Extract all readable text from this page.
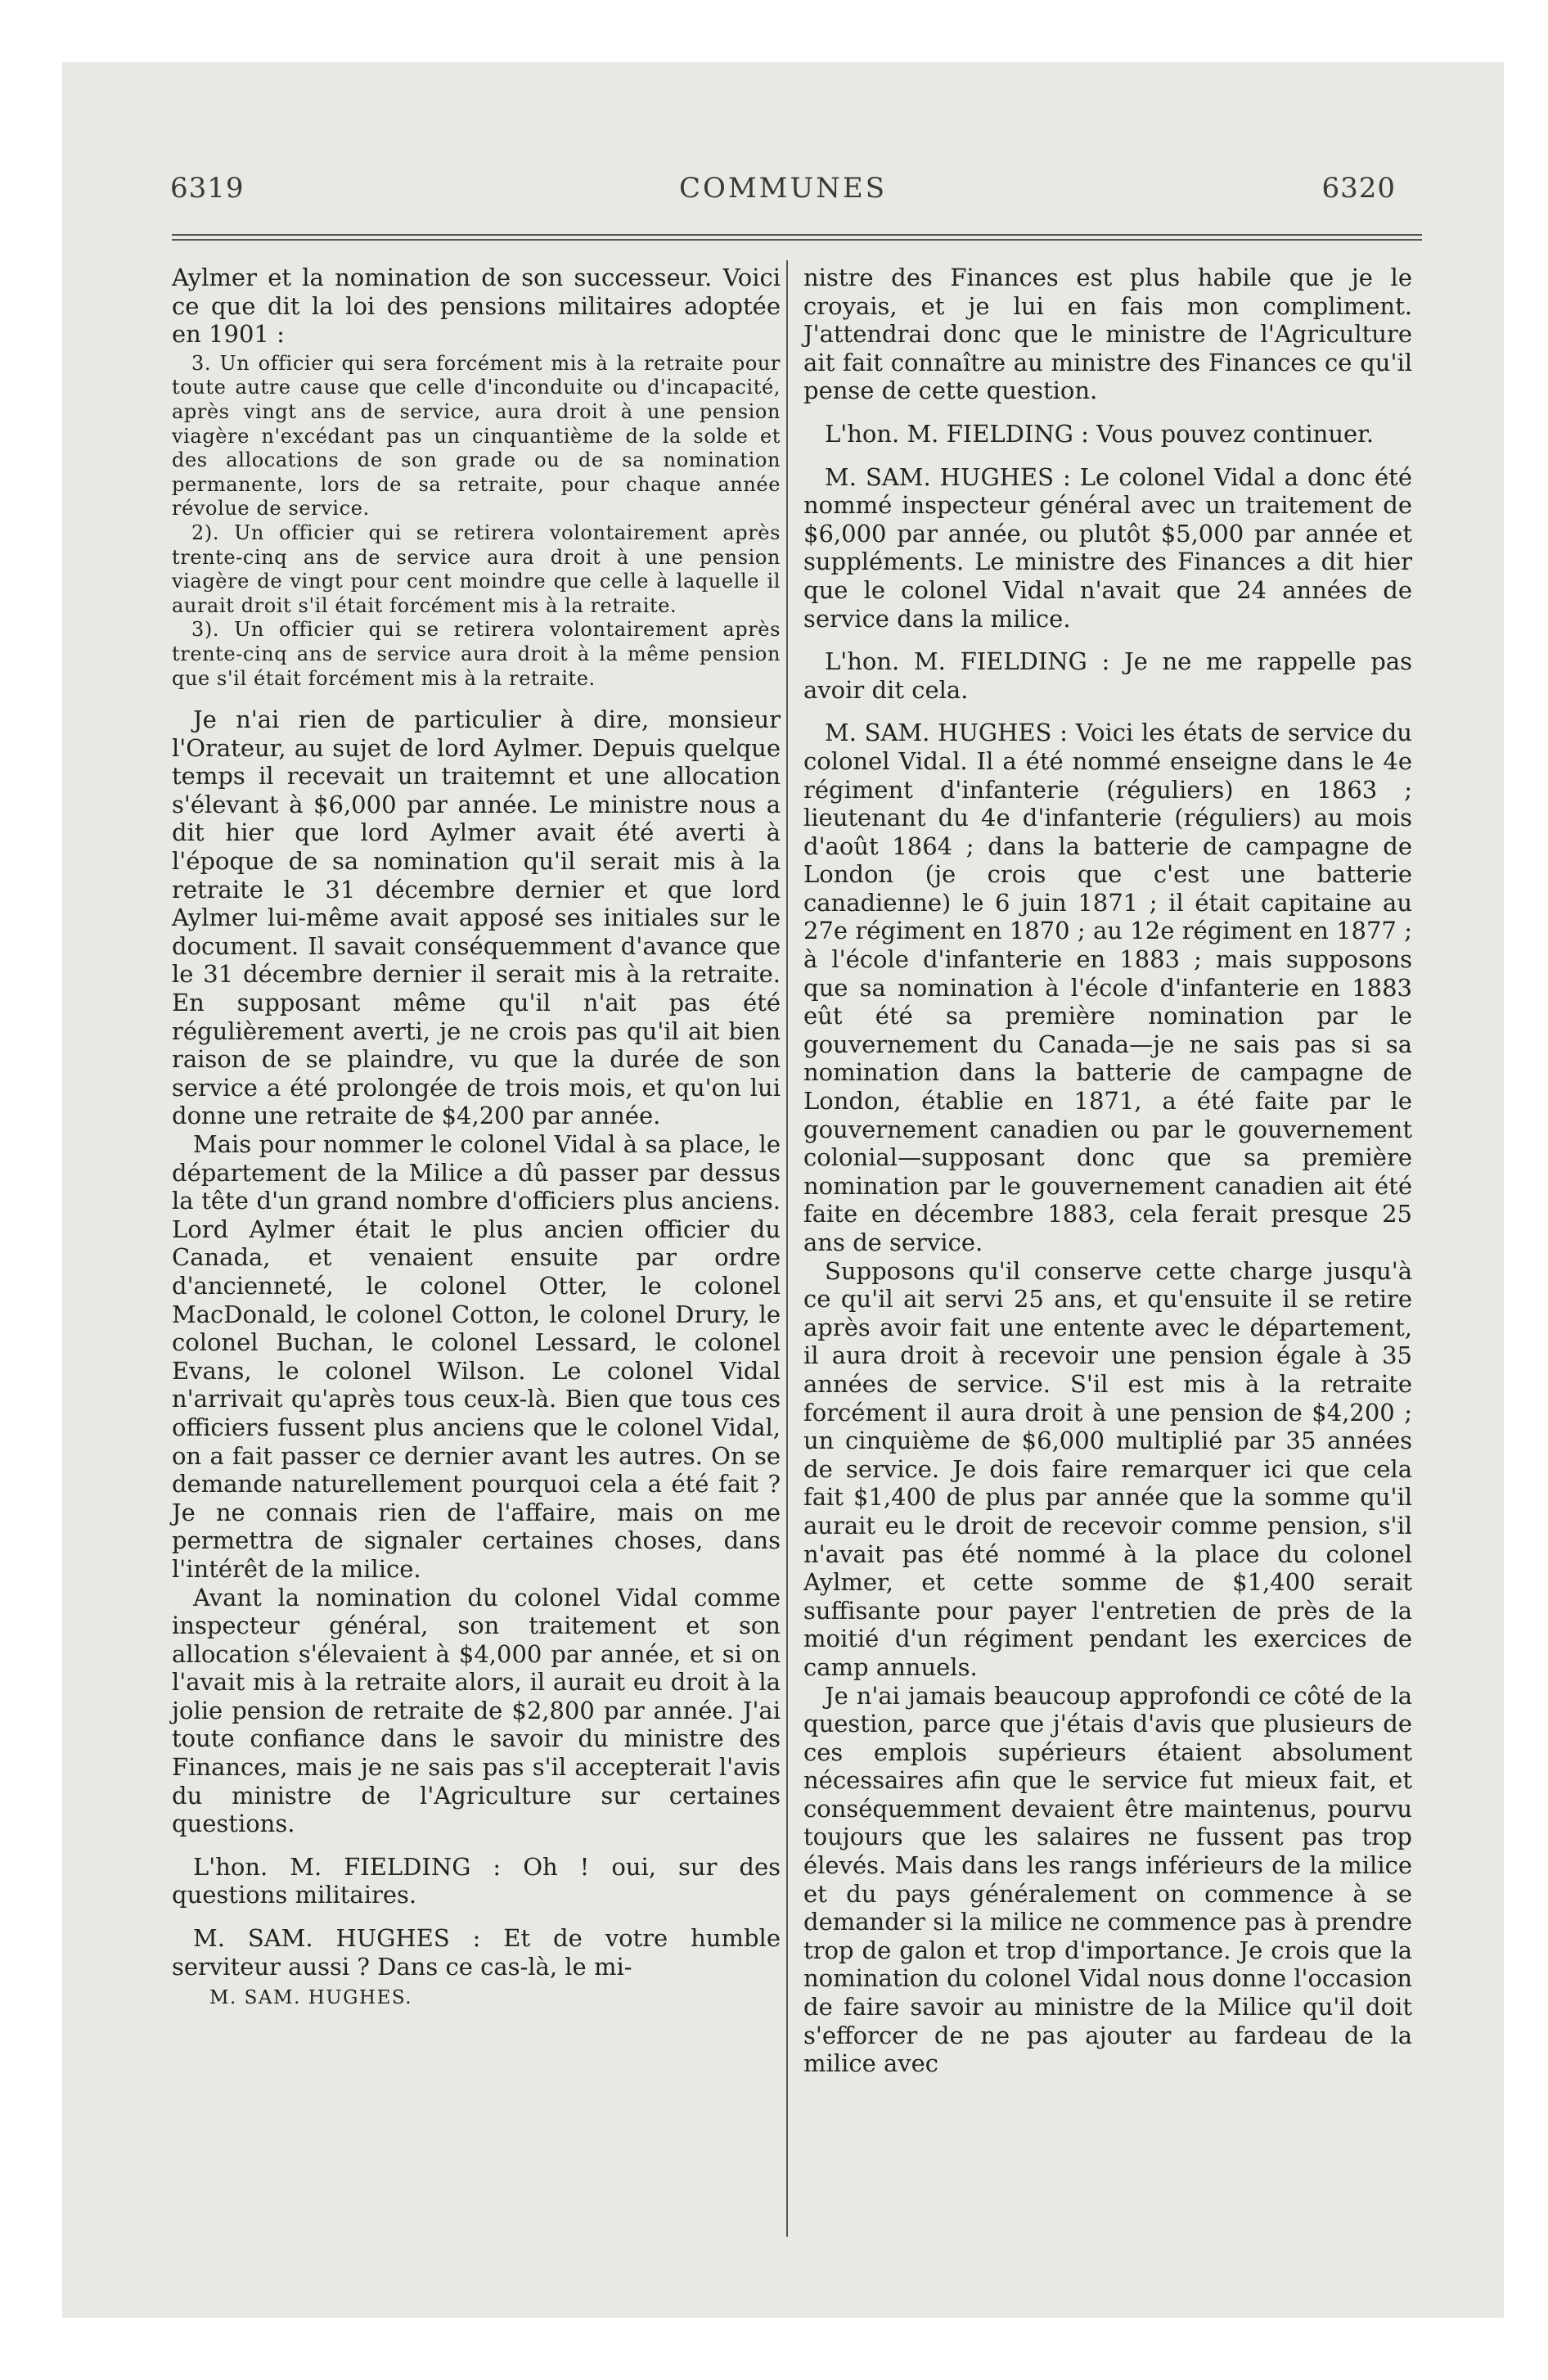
6319	COMMUNES	6320

Aylmer et la nomination de son successeur. Voici ce que dit la loi des pensions militaires adoptée en 1901 :

3. Un officier qui sera forcément mis à la retraite pour toute autre cause que celle d'inconduite ou d'incapacité, après vingt ans de service, aura droit à une pension viagère n'excédant pas un cinquantième de la solde et des allocations de son grade ou de sa nomination permanente, lors de sa retraite, pour chaque année révolue de service.

2). Un officier qui se retirera volontairement après trente-cinq ans de service aura droit à une pension viagère de vingt pour cent moindre que celle à laquelle il aurait droit s'il était forcément mis à la retraite.

3). Un officier qui se retirera volontairement après trente-cinq ans de service aura droit à la même pension que s'il était forcément mis à la retraite.

Je n'ai rien de particulier à dire, monsieur l'Orateur, au sujet de lord Aylmer. Depuis quelque temps il recevait un traitemnt et une allocation s'élevant à $6,000 par année. Le ministre nous a dit hier que lord Aylmer avait été averti à l'époque de sa nomination qu'il serait mis à la retraite le 31 décembre dernier et que lord Aylmer lui-même avait apposé ses initiales sur le document. Il savait conséquemment d'avance que le 31 décembre dernier il serait mis à la retraite. En supposant même qu'il n'ait pas été régulièrement averti, je ne crois pas qu'il ait bien raison de se plaindre, vu que la durée de son service a été prolongée de trois mois, et qu'on lui donne une retraite de $4,200 par année.

Mais pour nommer le colonel Vidal à sa place, le département de la Milice a dû passer par dessus la tête d'un grand nombre d'officiers plus anciens. Lord Aylmer était le plus ancien officier du Canada, et venaient ensuite par ordre d'ancienneté, le colonel Otter, le colonel MacDonald, le colonel Cotton, le colonel Drury, le colonel Buchan, le colonel Lessard, le colonel Evans, le colonel Wilson. Le colonel Vidal n'arrivait qu'après tous ceux-là. Bien que tous ces officiers fussent plus anciens que le colonel Vidal, on a fait passer ce dernier avant les autres. On se demande naturellement pourquoi cela a été fait ? Je ne connais rien de l'affaire, mais on me permettra de signaler certaines choses, dans l'intérêt de la milice.

Avant la nomination du colonel Vidal comme inspecteur général, son traitement et son allocation s'élevaient à $4,000 par année, et si on l'avait mis à la retraite alors, il aurait eu droit à la jolie pension de retraite de $2,800 par année. J'ai toute confiance dans le savoir du ministre des Finances, mais je ne sais pas s'il accepterait l'avis du ministre de l'Agriculture sur certaines questions.

L'hon. M. FIELDING : Oh ! oui, sur des questions militaires.

M. SAM. HUGHES : Et de votre humble serviteur aussi ? Dans ce cas-là, le mi-

M. SAM. HUGHES.

nistre des Finances est plus habile que je le croyais, et je lui en fais mon compliment. J'attendrai donc que le ministre de l'Agriculture ait fait connaître au ministre des Finances ce qu'il pense de cette question.

L'hon. M. FIELDING : Vous pouvez continuer.

M. SAM. HUGHES : Le colonel Vidal a donc été nommé inspecteur général avec un traitement de $6,000 par année, ou plutôt $5,000 par année et suppléments. Le ministre des Finances a dit hier que le colonel Vidal n'avait que 24 années de service dans la milice.

L'hon. M. FIELDING : Je ne me rappelle pas avoir dit cela.

M. SAM. HUGHES : Voici les états de service du colonel Vidal. Il a été nommé enseigne dans le 4e régiment d'infanterie (réguliers) en 1863 ; lieutenant du 4e d'infanterie (réguliers) au mois d'août 1864 ; dans la batterie de campagne de London (je crois que c'est une batterie canadienne) le 6 juin 1871 ; il était capitaine au 27e régiment en 1870 ; au 12e régiment en 1877 ; à l'école d'infanterie en 1883 ; mais supposons que sa nomination à l'école d'infanterie en 1883 eût été sa première nomination par le gouvernement du Canada—je ne sais pas si sa nomination dans la batterie de campagne de London, établie en 1871, a été faite par le gouvernement canadien ou par le gouvernement colonial—supposant donc que sa première nomination par le gouvernement canadien ait été faite en décembre 1883, cela ferait presque 25 ans de service.

Supposons qu'il conserve cette charge jusqu'à ce qu'il ait servi 25 ans, et qu'ensuite il se retire après avoir fait une entente avec le département, il aura droit à recevoir une pension égale à 35 années de service. S'il est mis à la retraite forcément il aura droit à une pension de $4,200 ; un cinquième de $6,000 multiplié par 35 années de service. Je dois faire remarquer ici que cela fait $1,400 de plus par année que la somme qu'il aurait eu le droit de recevoir comme pension, s'il n'avait pas été nommé à la place du colonel Aylmer, et cette somme de $1,400 serait suffisante pour payer l'entretien de près de la moitié d'un régiment pendant les exercices de camp annuels.

Je n'ai jamais beaucoup approfondi ce côté de la question, parce que j'étais d'avis que plusieurs de ces emplois supérieurs étaient absolument nécessaires afin que le service fut mieux fait, et conséquemment devaient être maintenus, pourvu toujours que les salaires ne fussent pas trop élevés. Mais dans les rangs inférieurs de la milice et du pays généralement on commence à se demander si la milice ne commence pas à prendre trop de galon et trop d'importance. Je crois que la nomination du colonel Vidal nous donne l'occasion de faire savoir au ministre de la Milice qu'il doit s'efforcer de ne pas ajouter au fardeau de la milice avec
